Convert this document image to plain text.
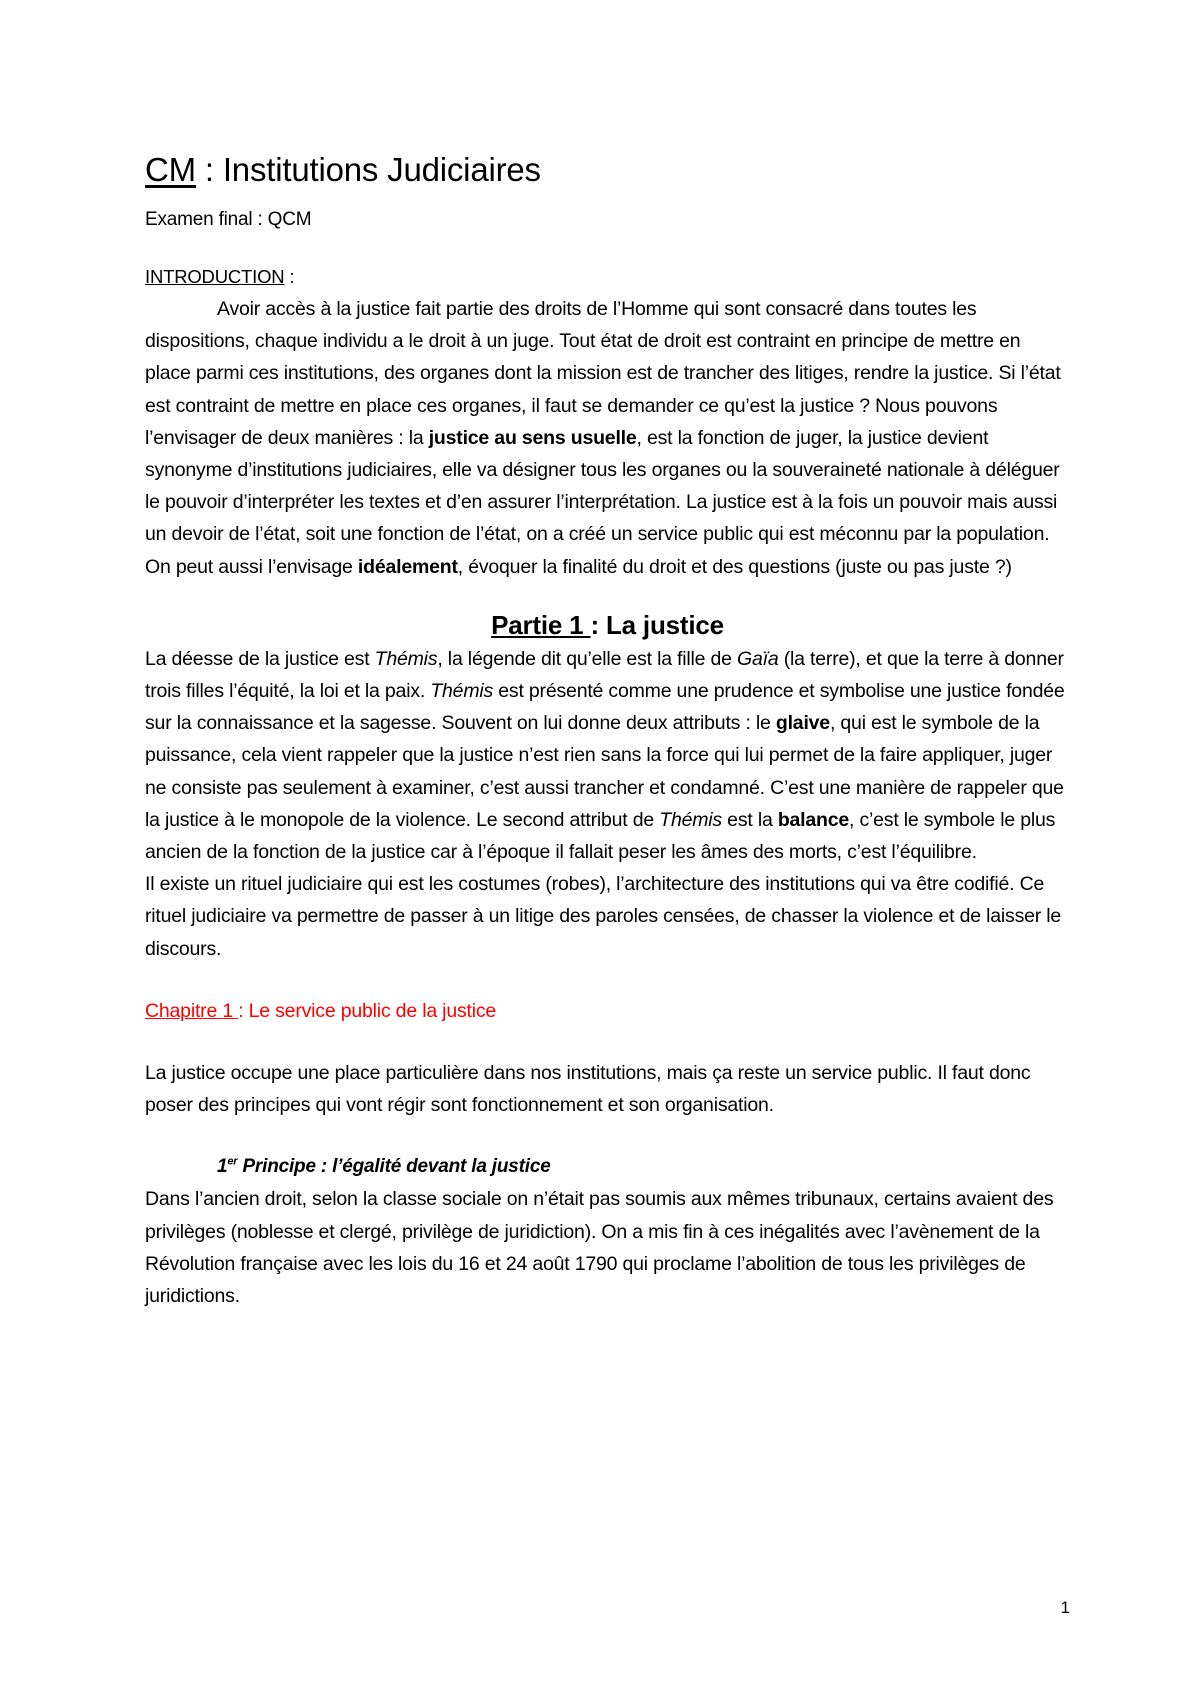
CM : Institutions Judiciaires

Examen final : QCM

INTRODUCTION :

Avoir accès à la justice fait partie des droits de l’Homme qui sont consacré dans toutes les dispositions, chaque individu a le droit à un juge. Tout état de droit est contraint en principe de mettre en place parmi ces institutions, des organes dont la mission est de trancher des litiges, rendre la justice. Si l’état est contraint de mettre en place ces organes, il faut se demander ce qu’est la justice ? Nous pouvons l’envisager de deux manières : la justice au sens usuelle, est la fonction de juger, la justice devient synonyme d’institutions judiciaires, elle va désigner tous les organes ou la souveraineté nationale à déléguer le pouvoir d’interpréter les textes et d’en assurer l’interprétation. La justice est à la fois un pouvoir mais aussi un devoir de l’état, soit une fonction de l’état, on a créé un service public qui est méconnu par la population. On peut aussi l’envisage idéalement, évoquer la finalité du droit et des questions (juste ou pas juste ?)

Partie 1 : La justice

La déesse de la justice est Thémis, la légende dit qu’elle est la fille de Gaïa (la terre), et que la terre à donner trois filles l’équité, la loi et la paix. Thémis est présenté comme une prudence et symbolise une justice fondée sur la connaissance et la sagesse. Souvent on lui donne deux attributs : le glaive, qui est le symbole de la puissance, cela vient rappeler que la justice n’est rien sans la force qui lui permet de la faire appliquer, juger ne consiste pas seulement à examiner, c’est aussi trancher et condamné. C’est une manière de rappeler que la justice à le monopole de la violence. Le second attribut de Thémis est la balance, c’est le symbole le plus ancien de la fonction de la justice car à l’époque il fallait peser les âmes des morts, c’est l’équilibre.

Il existe un rituel judiciaire qui est les costumes (robes), l’architecture des institutions qui va être codifié. Ce rituel judiciaire va permettre de passer à un litige des paroles censées, de chasser la violence et de laisser le discours.

Chapitre 1 : Le service public de la justice

La justice occupe une place particulière dans nos institutions, mais ça reste un service public. Il faut donc poser des principes qui vont régir sont fonctionnement et son organisation.

1er Principe : l’égalité devant la justice

Dans l’ancien droit, selon la classe sociale on n’était pas soumis aux mêmes tribunaux, certains avaient des privilèges (noblesse et clergé, privilège de juridiction). On a mis fin à ces inégalités avec l’avènement de la Révolution française avec les lois du 16 et 24 août 1790 qui proclame l’abolition de tous les privilèges de juridictions.

1
